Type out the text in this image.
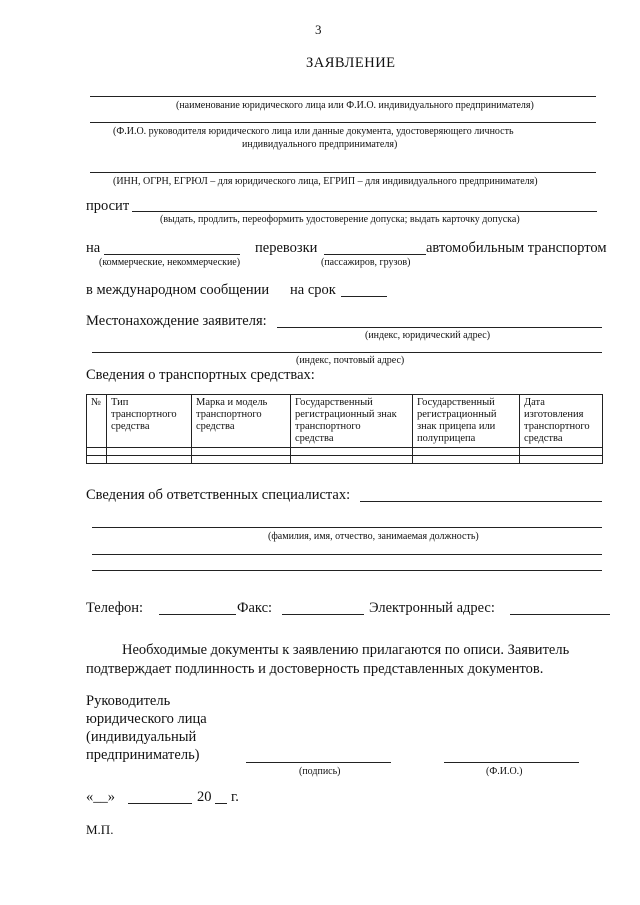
3
ЗАЯВЛЕНИЕ
(наименование юридического лица или Ф.И.О. индивидуального предпринимателя)
(Ф.И.О. руководителя юридического лица или данные документа, удостоверяющего личность
индивидуального предпринимателя)
(ИНН, ОГРН, ЕГРЮЛ – для юридического лица, ЕГРИП – для индивидуального предпринимателя)
просит
(выдать, продлить, переоформить удостоверение допуска; выдать карточку допуска)
на	перевозки	автомобильным транспортом
(коммерческие, некоммерческие)	(пассажиров, грузов)
в международном сообщении на срок
Местонахождение заявителя:
(индекс, юридический адрес)
(индекс, почтовый адрес)
Сведения о транспортных средствах:
№	Тип
транспортного
средства	Марка и модель
транспортного
средства	Государственный
регистрационный знак
транспортного
средства	Государственный
регистрационный
знак прицепа или
полуприцепа	Дата
изготовления
транспортного
средства

Сведения об ответственных специалистах:
(фамилия, имя, отчество, занимаемая должность)
Телефон:	Факс:	Электронный адрес:
Необходимые документы к заявлению прилагаются по описи. Заявитель
подтверждает подлинность и достоверность представленных документов.
Руководитель
юридического лица
(индивидуальный
предприниматель)
(подпись)	(Ф.И.О.)
«__»	20 г.
М.П.
